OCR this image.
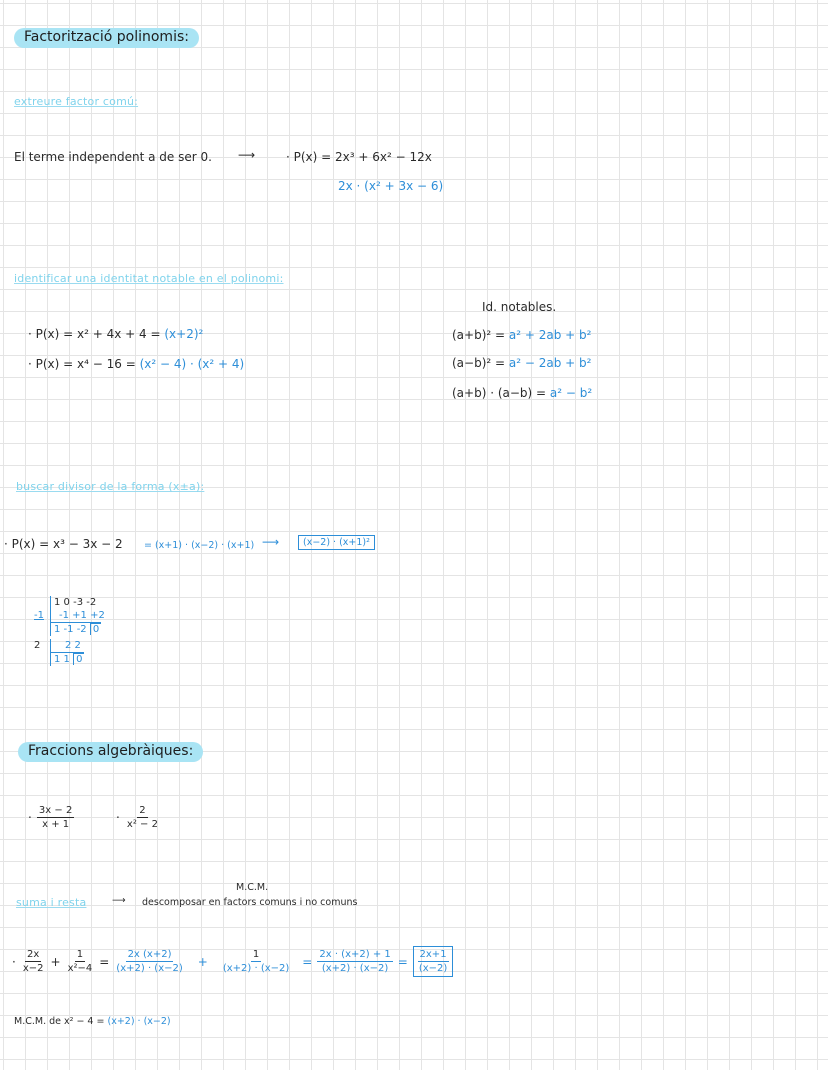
Factorització polinomis:
extreure factor comú:
El terme independent a de ser 0. ⟶	· P(x) = 2x³ + 6x² − 12x
2x · (x² + 3x − 6)
identificar una identitat notable en el polinomi:
· P(x) = x² + 4x + 4 = (x+2)²
· P(x) = x⁴ − 16 = (x² − 4) · (x² + 4)
Id. notables.
(a+b)² = a² + 2ab + b²
(a−b)² = a² − 2ab + b²
(a+b) · (a−b) = a² − b²
buscar divisor de la forma (x±a):
· P(x) = x³ − 3x − 2 = (x+1) · (x−2) · (x+1) ⟶	(x−2) · (x+1)²
1 0 -3 -2
-1	-1 +1 +2
1 -1 -2 0
2	2 2
1 1 0
Fraccions algebràiques:
· $\frac{3x - 2}{x + 1}$	· $\frac{2}{\text{x² − 2}}$
M.C.M.
suma i resta	⟶ descomposar en factors comuns i no comuns
· $\frac{2x}{x-2} + \frac{1}{\text{x²−4}} = \frac{2x (x+2)}{(x+2) \cdot (x-2)} + \frac{1}{(x+2) \cdot (x-2)} = \frac{2x \cdot (x+2) + 1}{(x+2) \cdot (x-2)} = \frac{2x+1}{(x-2)}$
M.C.M. de x² − 4 = (x+2) · (x−2)
